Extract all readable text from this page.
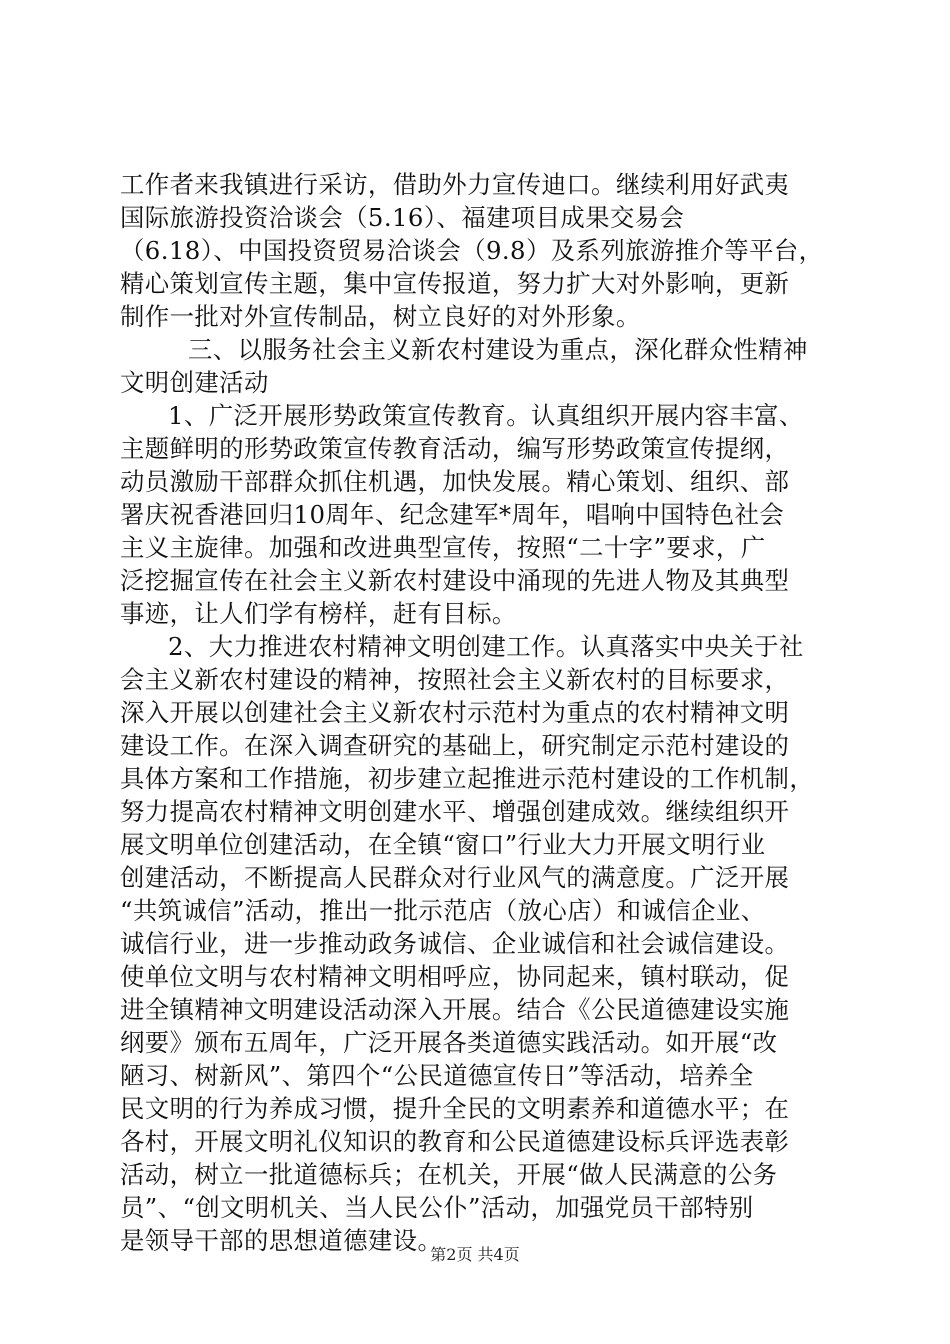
工作者来我镇进行采访，借助外力宣传迪口。继续利用好武夷
国际旅游投资洽谈会（5.16）、福建项目成果交易会
（6.18）、中国投资贸易洽谈会（9.8）及系列旅游推介等平台，
精心策划宣传主题，集中宣传报道，努力扩大对外影响，更新
制作一批对外宣传制品，树立良好的对外形象。
三、以服务社会主义新农村建设为重点，深化群众性精神
文明创建活动
1、广泛开展形势政策宣传教育。认真组织开展内容丰富、
主题鲜明的形势政策宣传教育活动，编写形势政策宣传提纲，
动员激励干部群众抓住机遇，加快发展。精心策划、组织、部
署庆祝香港回归10周年、纪念建军*周年，唱响中国特色社会
主义主旋律。加强和改进典型宣传，按照“二十字”要求，广
泛挖掘宣传在社会主义新农村建设中涌现的先进人物及其典型
事迹，让人们学有榜样，赶有目标。
2、大力推进农村精神文明创建工作。认真落实中央关于社
会主义新农村建设的精神，按照社会主义新农村的目标要求，
深入开展以创建社会主义新农村示范村为重点的农村精神文明
建设工作。在深入调查研究的基础上，研究制定示范村建设的
具体方案和工作措施，初步建立起推进示范村建设的工作机制，
努力提高农村精神文明创建水平、增强创建成效。继续组织开
展文明单位创建活动，在全镇“窗口”行业大力开展文明行业
创建活动，不断提高人民群众对行业风气的满意度。广泛开展
“共筑诚信”活动，推出一批示范店（放心店）和诚信企业、
诚信行业，进一步推动政务诚信、企业诚信和社会诚信建设。
使单位文明与农村精神文明相呼应，协同起来，镇村联动，促
进全镇精神文明建设活动深入开展。结合《公民道德建设实施
纲要》颁布五周年，广泛开展各类道德实践活动。如开展“改
陋习、树新风”、第四个“公民道德宣传日”等活动，培养全
民文明的行为养成习惯，提升全民的文明素养和道德水平；在
各村，开展文明礼仪知识的教育和公民道德建设标兵评选表彰
活动，树立一批道德标兵；在机关，开展“做人民满意的公务
员”、“创文明机关、当人民公仆”活动，加强党员干部特别
是领导干部的思想道德建设。
第2页 共4页
